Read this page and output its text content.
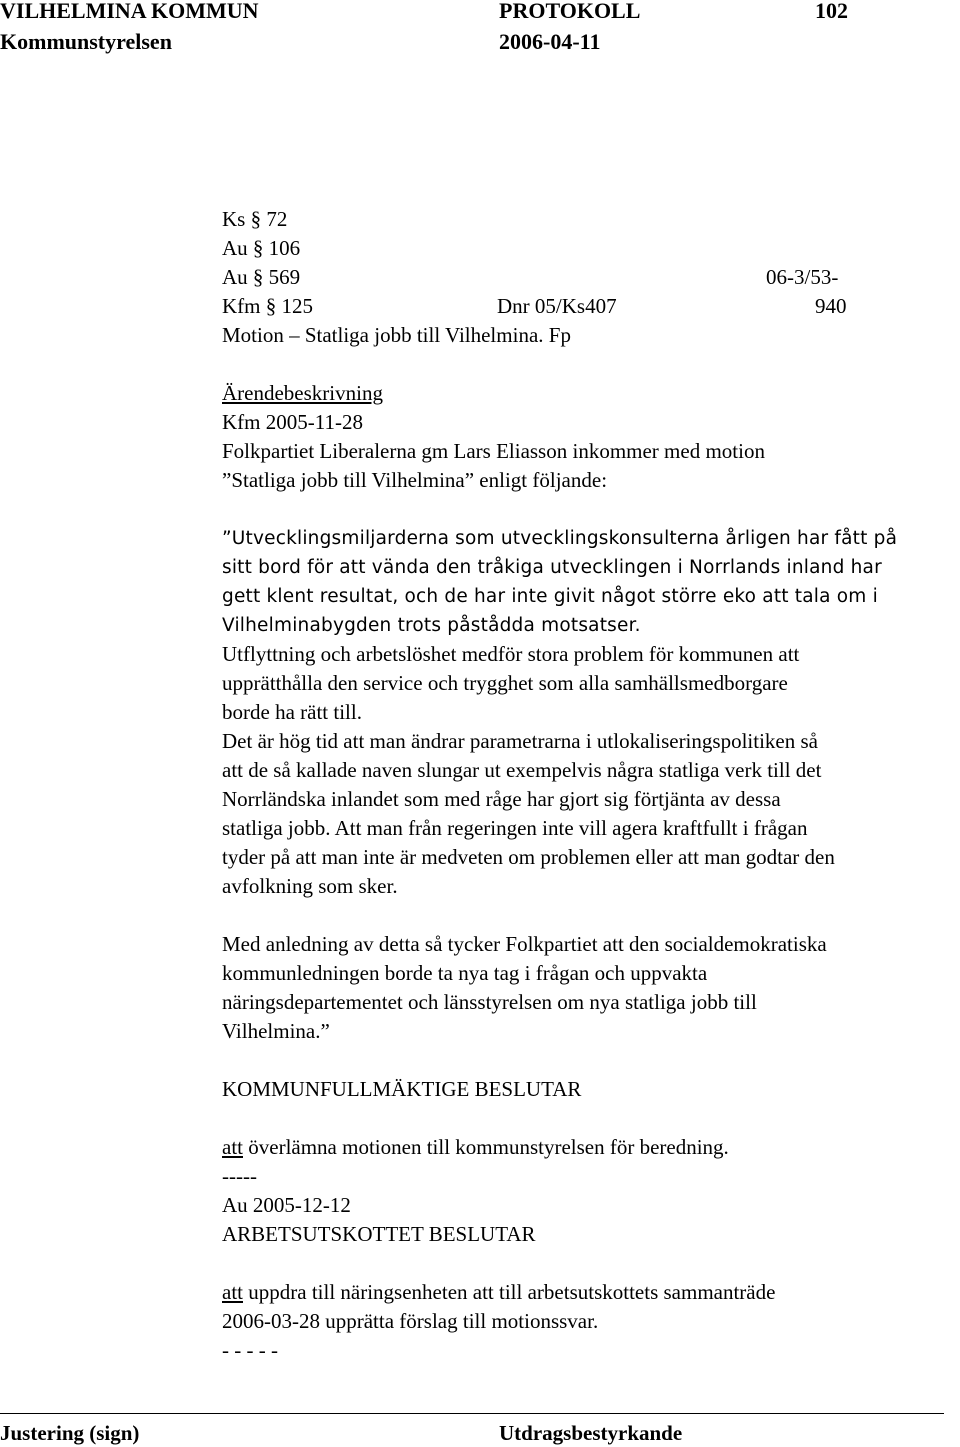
VILHELMINA KOMMUN	PROTOKOLL	102
Kommunstyrelsen	2006-04-11
Ks § 72
Au § 106
Au § 569	06-3/53-
Kfm § 125	Dnr 05/Ks407	940
Motion – Statliga jobb till Vilhelmina. Fp
Ärendebeskrivning
Kfm 2005-11-28
Folkpartiet Liberalerna gm Lars Eliasson inkommer med motion
”Statliga jobb till Vilhelmina” enligt följande:
”Utvecklingsmiljarderna som utvecklingskonsulterna årligen har fått på
sitt bord för att vända den tråkiga utvecklingen i Norrlands inland har
gett klent resultat, och de har inte givit något större eko att tala om i
Vilhelminabygden trots påstådda motsatser.
Utflyttning och arbetslöshet medför stora problem för kommunen att
upprätthålla den service och trygghet som alla samhällsmedborgare
borde ha rätt till.
Det är hög tid att man ändrar parametrarna i utlokaliseringspolitiken så
att de så kallade naven slungar ut exempelvis några statliga verk till det
Norrländska inlandet som med råge har gjort sig förtjänta av dessa
statliga jobb. Att man från regeringen inte vill agera kraftfullt i frågan
tyder på att man inte är medveten om problemen eller att man godtar den
avfolkning som sker.
Med anledning av detta så tycker Folkpartiet att den socialdemokratiska
kommunledningen borde ta nya tag i frågan och uppvakta
näringsdepartementet och länsstyrelsen om nya statliga jobb till
Vilhelmina.”
KOMMUNFULLMÄKTIGE BESLUTAR
att överlämna motionen till kommunstyrelsen för beredning.
-----
Au 2005-12-12
ARBETSUTSKOTTET BESLUTAR
att uppdra till näringsenheten att till arbetsutskottets sammanträde
2006-03-28 upprätta förslag till motionssvar.
- - - - -
Justering (sign)	Utdragsbestyrkande
